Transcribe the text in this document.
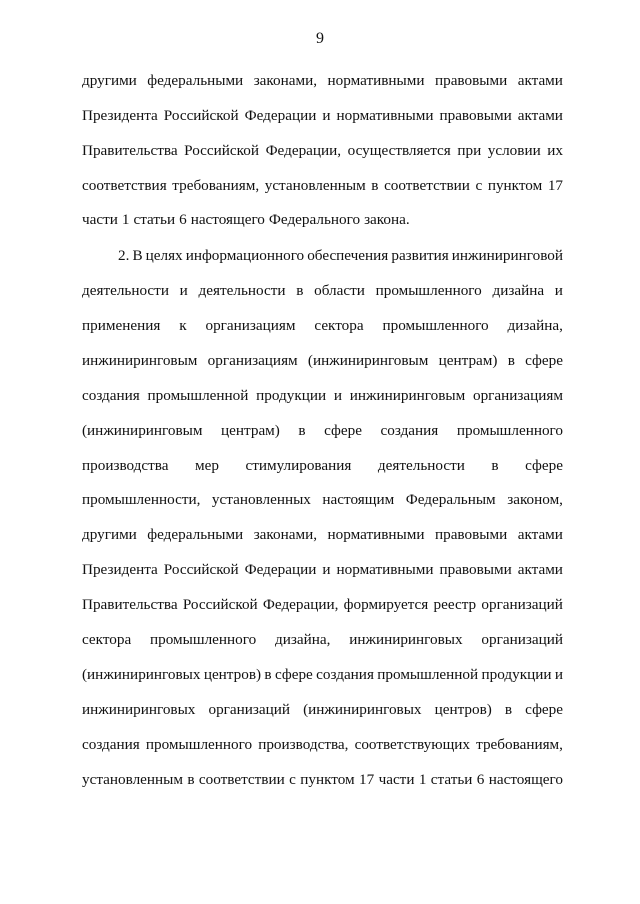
9
другими федеральными законами, нормативными правовыми актами
Президента Российской Федерации и нормативными правовыми актами
Правительства Российской Федерации, осуществляется при условии их
соответствия требованиям, установленным в соответствии с пунктом 17
части 1 статьи 6 настоящего Федерального закона.
2. В целях информационного обеспечения развития инжиниринговой
деятельности и деятельности в области промышленного дизайна и
применения к организациям сектора промышленного дизайна,
инжиниринговым организациям (инжиниринговым центрам) в сфере
создания промышленной продукции и инжиниринговым организациям
(инжиниринговым центрам) в сфере создания промышленного
производства мер стимулирования деятельности в сфере
промышленности, установленных настоящим Федеральным законом,
другими федеральными законами, нормативными правовыми актами
Президента Российской Федерации и нормативными правовыми актами
Правительства Российской Федерации, формируется реестр организаций
сектора промышленного дизайна, инжиниринговых организаций
(инжиниринговых центров) в сфере создания промышленной продукции и
инжиниринговых организаций (инжиниринговых центров) в сфере
создания промышленного производства, соответствующих требованиям,
установленным в соответствии с пунктом 17 части 1 статьи 6 настоящего
